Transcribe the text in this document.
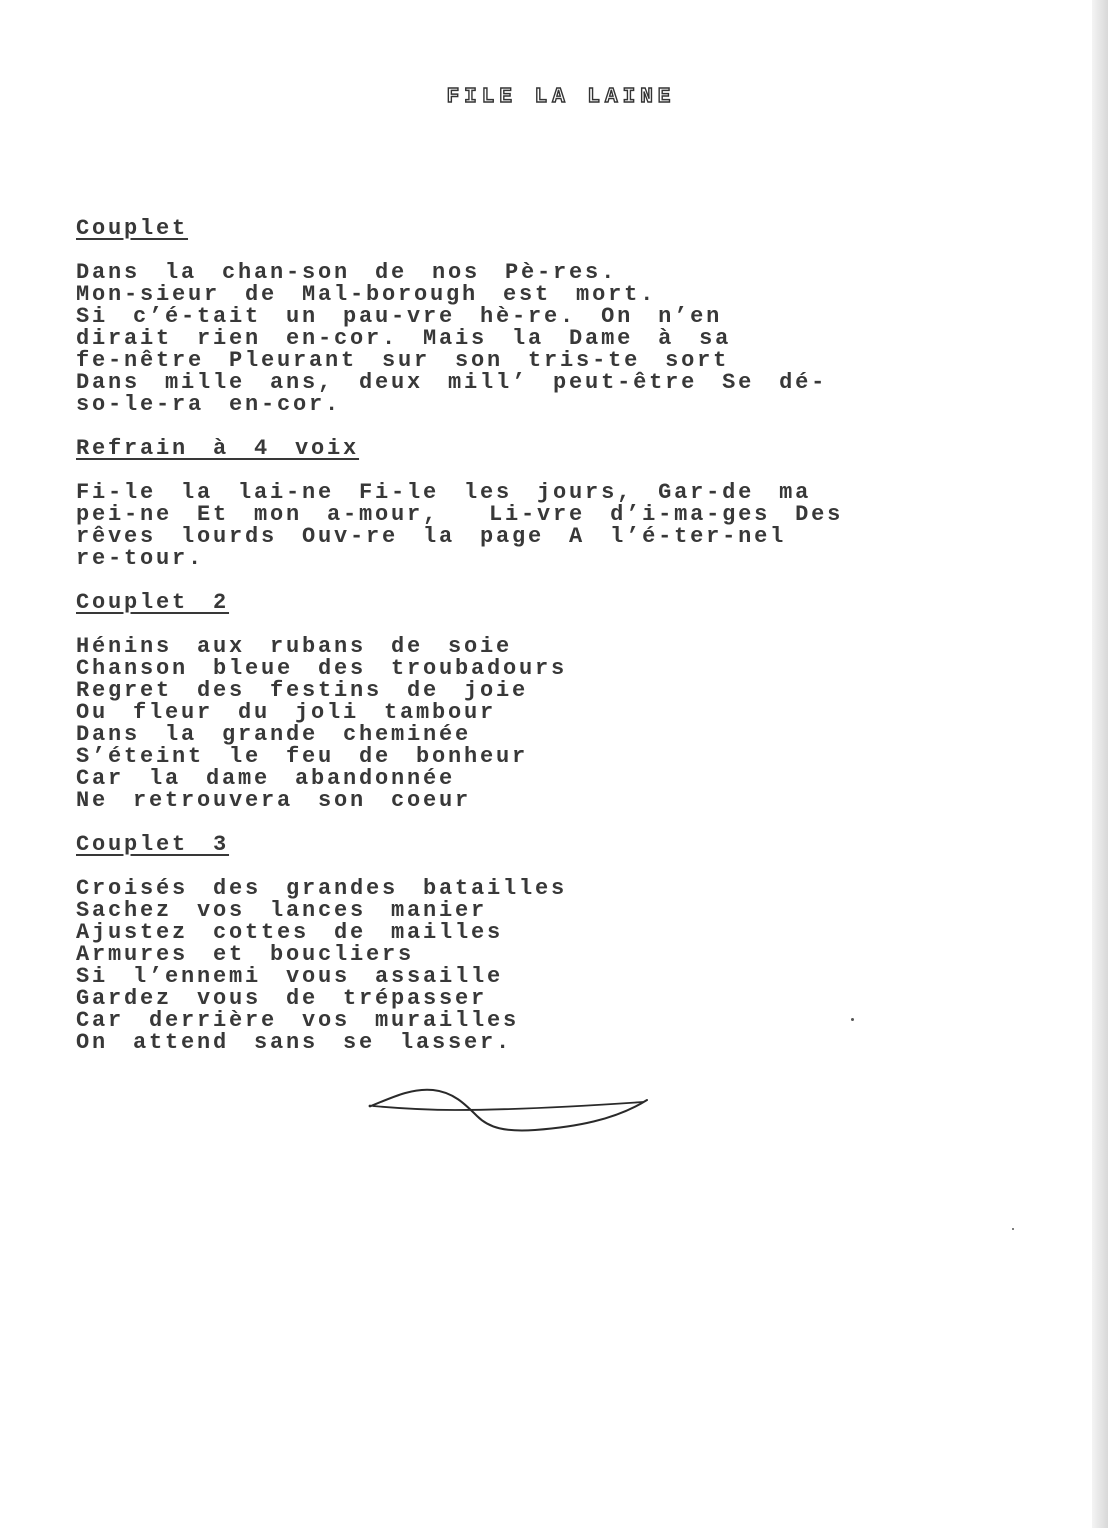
FILE LA LAINE
Couplet
Dans la chan-son de nos Pè-res.
Mon-sieur de Mal-borough est mort.
Si c’é-tait un pau-vre hè-re. On n’en
dirait rien en-cor. Mais la Dame à sa
fe-nêtre Pleurant sur son tris-te sort
Dans mille ans, deux mill’ peut-être Se dé-
so-le-ra en-cor.
Refrain à 4 voix
Fi-le la lai-ne Fi-le les jours, Gar-de ma
pei-ne Et mon a-mour,  Li-vre d’i-ma-ges Des
rêves lourds Ouv-re la page A l’é-ter-nel
re-tour.
Couplet 2
Hénins aux rubans de soie
Chanson bleue des troubadours
Regret des festins de joie
Ou fleur du joli tambour
Dans la grande cheminée
S’éteint le feu de bonheur
Car la dame abandonnée
Ne retrouvera son coeur
Couplet 3
Croisés des grandes batailles
Sachez vos lances manier
Ajustez cottes de mailles
Armures et boucliers
Si l’ennemi vous assaille
Gardez vous de trépasser
Car derrière vos murailles
On attend sans se lasser.
